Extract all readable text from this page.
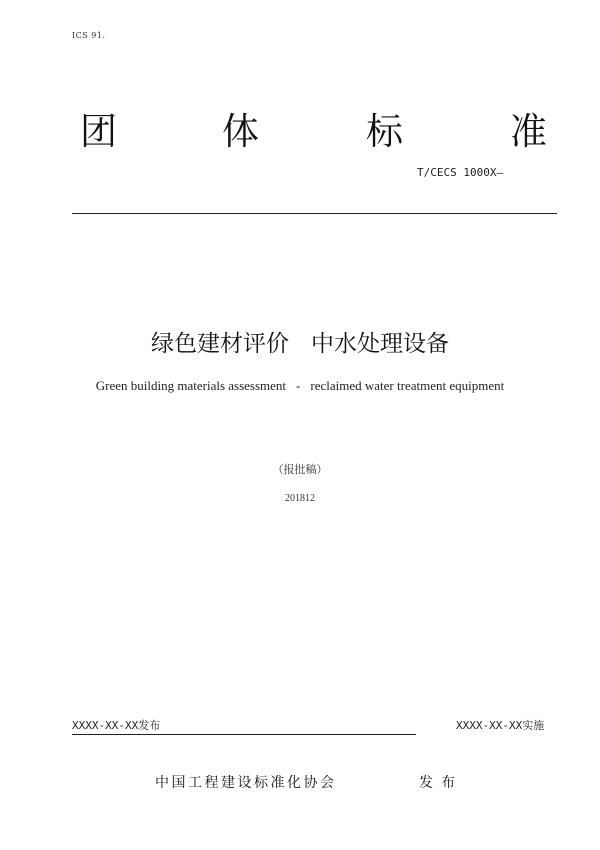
ICS 91.
团	体	标	准
T/CECS 1000X—
绿色建材评价 中水处理设备
Green building materials assessment - reclaimed water treatment equipment
（报批稿）
201812
XXXX-XX-XX发布	XXXX-XX-XX实施
中国工程建设标准化协会	发布
